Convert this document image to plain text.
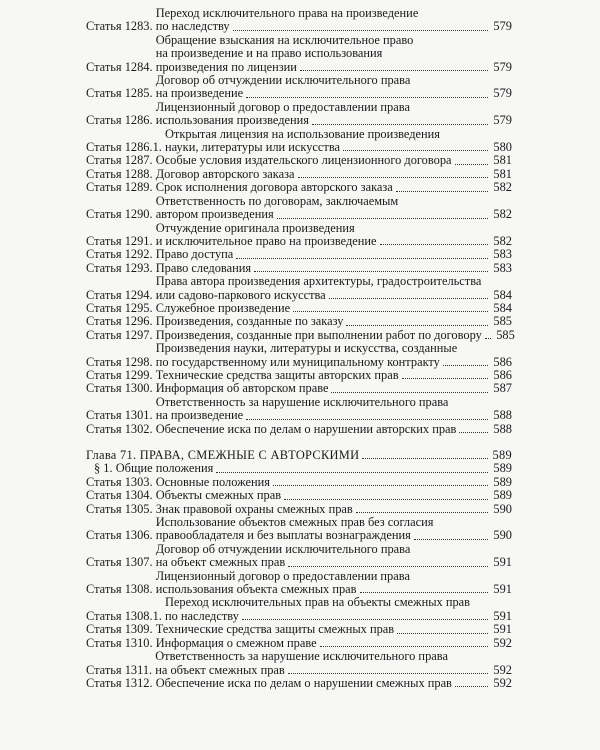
Статья 1283.
Переход исключительного права на произведение
по наследству	579
Статья 1284.
Обращение взыскания на исключительное право
на произведение и на право использования
произведения по лицензии	579
Статья 1285.
Договор об отчуждении исключительного права
на произведение	579
Статья 1286.
Лицензионный договор о предоставлении права
использования произведения	579
Статья 1286.1.
Открытая лицензия на использование произведения
науки, литературы или искусства	580
Статья 1287. Особые условия издательского лицензионного договора	581
Статья 1288. Договор авторского заказа	581
Статья 1289. Срок исполнения договора авторского заказа	582
Статья 1290.
Ответственность по договорам, заключаемым
автором произведения	582
Статья 1291.
Отчуждение оригинала произведения
и исключительное право на произведение	582
Статья 1292. Право доступа	583
Статья 1293. Право следования	583
Статья 1294.
Права автора произведения архитектуры, градостроительства
или садово-паркового искусства	584
Статья 1295. Служебное произведение	584
Статья 1296. Произведения, созданные по заказу	585
Статья 1297. Произведения, созданные при выполнении работ по договору 585
Статья 1298.
Произведения науки, литературы и искусства, созданные
по государственному или муниципальному контракту	586
Статья 1299. Технические средства защиты авторских прав	586
Статья 1300. Информация об авторском праве	587
Статья 1301.
Ответственность за нарушение исключительного права
на произведение	588
Статья 1302. Обеспечение иска по делам о нарушении авторских прав	588
Глава 71. ПРАВА, СМЕЖНЫЕ С АВТОРСКИМИ	589
§ 1. Общие положения	589
Статья 1303. Основные положения	589
Статья 1304. Объекты смежных прав	589
Статья 1305. Знак правовой охраны смежных прав	590
Статья 1306.
Использование объектов смежных прав без согласия
правообладателя и без выплаты вознаграждения	590
Статья 1307.
Договор об отчуждении исключительного права
на объект смежных прав	591
Статья 1308.
Лицензионный договор о предоставлении права
использования объекта смежных прав	591
Статья 1308.1.
Переход исключительных прав на объекты смежных прав
по наследству	591
Статья 1309. Технические средства защиты смежных прав	591
Статья 1310. Информация о смежном праве	592
Статья 1311.
Ответственность за нарушение исключительного права
на объект смежных прав	592
Статья 1312. Обеспечение иска по делам о нарушении смежных прав	592
